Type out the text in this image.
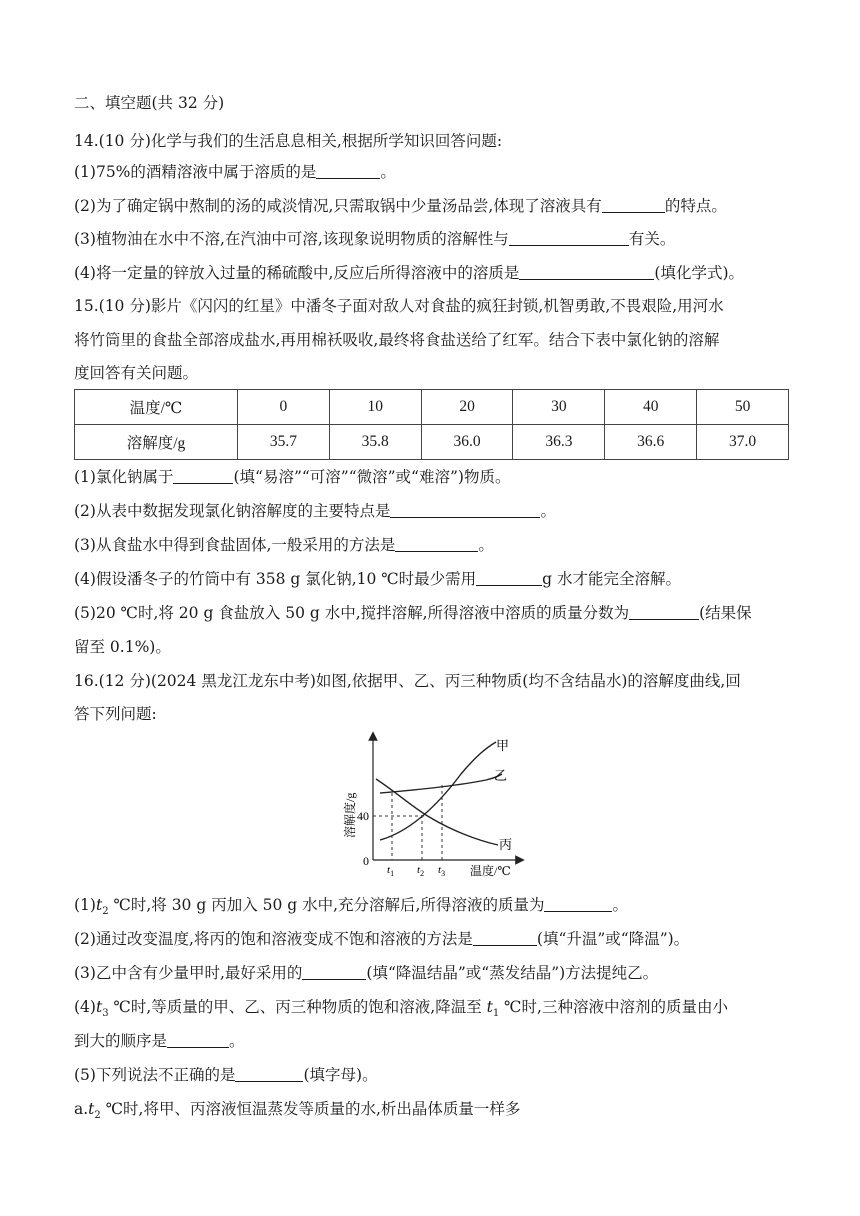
二、填空题(共 32 分)
14.(10 分)化学与我们的生活息息相关,根据所学知识回答问题:
(1)75%的酒精溶液中属于溶质的是	。
(2)为了确定锅中熬制的汤的咸淡情况,只需取锅中少量汤品尝,体现了溶液具有	的特点。
(3)植物油在水中不溶,在汽油中可溶,该现象说明物质的溶解性与	有关。
(4)将一定量的锌放入过量的稀硫酸中,反应后所得溶液中的溶质是	(填化学式)。
15.(10 分)影片《闪闪的红星》中潘冬子面对敌人对食盐的疯狂封锁,机智勇敢,不畏艰险,用河水
将竹筒里的食盐全部溶成盐水,再用棉袄吸收,最终将食盐送给了红军。结合下表中氯化钠的溶解
度回答有关问题。
温度/℃	0	10	20	30	40	50
溶解度/g	35.7	35.8	36.0	36.3	36.6	37.0
(1)氯化钠属于	(填“易溶”“可溶”“微溶”或“难溶”)物质。
(2)从表中数据发现氯化钠溶解度的主要特点是	。
(3)从食盐水中得到食盐固体,一般采用的方法是	。
(4)假设潘冬子的竹筒中有 358 g 氯化钠,10 ℃时最少需用	g 水才能完全溶解。
(5)20 ℃时,将 20 g 食盐放入 50 g 水中,搅拌溶解,所得溶液中溶质的质量分数为	(结果保
留至 0.1%)。
16.(12 分)(2024 黑龙江龙东中考)如图,依据甲、乙、丙三种物质(均不含结晶水)的溶解度曲线,回
答下列问题:
溶解度/g 40
0
$t_1$ $t_2$ $t_3$ 温度/℃
甲
乙
丙
$(1)t_2$ ℃时,将 30 g 丙加入 50 g 水中,充分溶解后,所得溶液的质量为	。
(2)通过改变温度,将丙的饱和溶液变成不饱和溶液的方法是	(填“升温”或“降温”)。
(3)乙中含有少量甲时,最好采用的	(填“降温结晶”或“蒸发结晶”)方法提纯乙。
$(4)t_3$ ℃时,等质量的甲、乙、丙三种物质的饱和溶液,降温至 $t_1$ ℃时,三种溶液中溶剂的质量由小
到大的顺序是	。
(5)下列说法不正确的是	(填字母)。
$a.t_2$ ℃时,将甲、丙溶液恒温蒸发等质量的水,析出晶体质量一样多
